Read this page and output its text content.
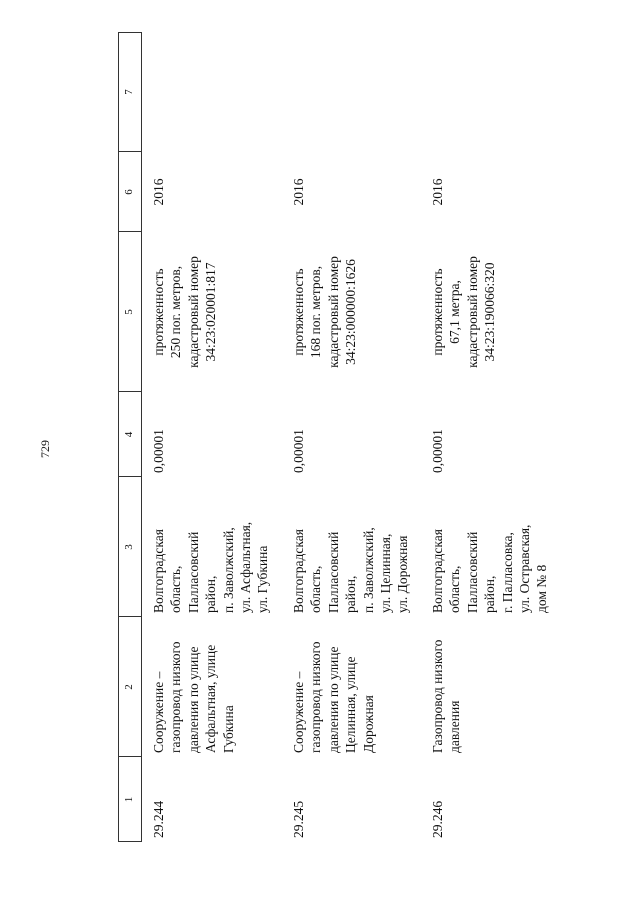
729
1
2
3
4
5
6
7
29.244
Сооружение –
газопровод низкого
давления по улице
Асфальтная, улице
Губкина
Волгоградская
область,
Палласовский
район,
п. Заволжский,
ул. Асфальтная,
ул. Губкина
0,00001
протяженность
250 пог. метров,
кадастровый номер
34:23:020001:817
2016
29.245
Сооружение –
газопровод низкого
давления по улице
Целинная, улице
Дорожная
Волгоградская
область,
Палласовский
район,
п. Заволжский,
ул. Целинная,
ул. Дорожная
0,00001
протяженность
168 пог. метров,
кадастровый номер
34:23:000000:1626
2016
29.246
Газопровод низкого
давления
Волгоградская
область,
Палласовский
район,
г. Палласовка,
ул. Остравская,
дом № 8
0,00001
протяженность
67,1 метра,
кадастровый номер
34:23:190066:320
2016
